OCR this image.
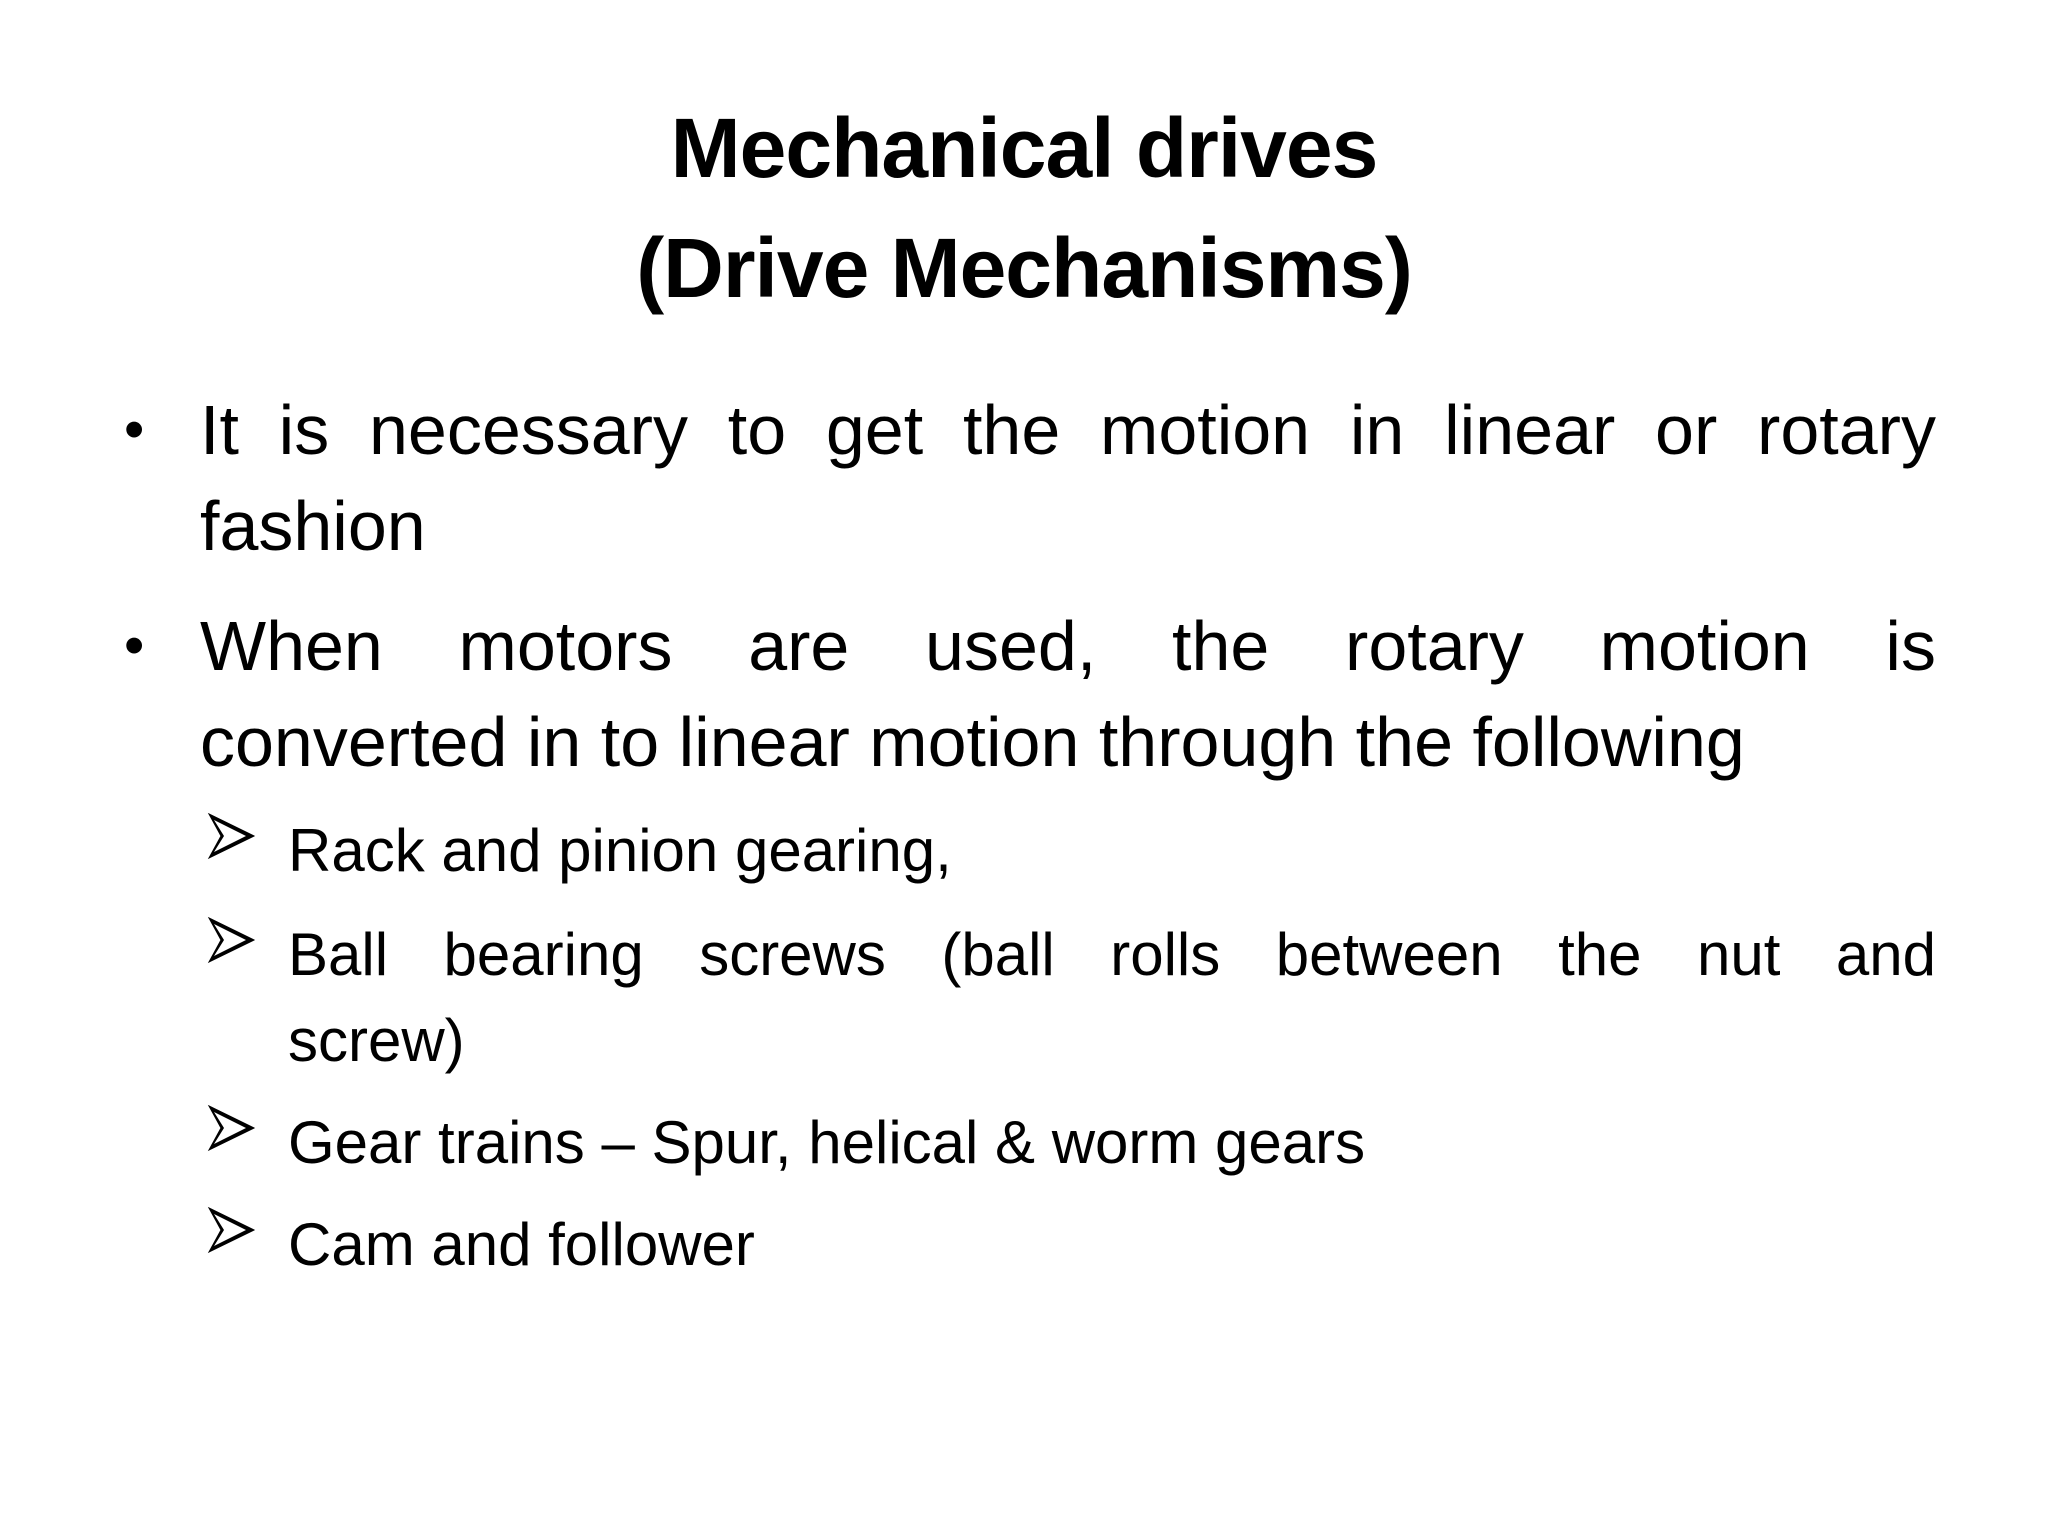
Mechanical drives
(Drive Mechanisms)
• It is necessary to get the motion in linear or rotary
fashion
• When motors are used, the rotary motion is
converted in to linear motion through the following
Rack and pinion gearing,
Ball bearing screws (ball rolls between the nut and
screw)
Gear trains – Spur, helical & worm gears
Cam and follower
